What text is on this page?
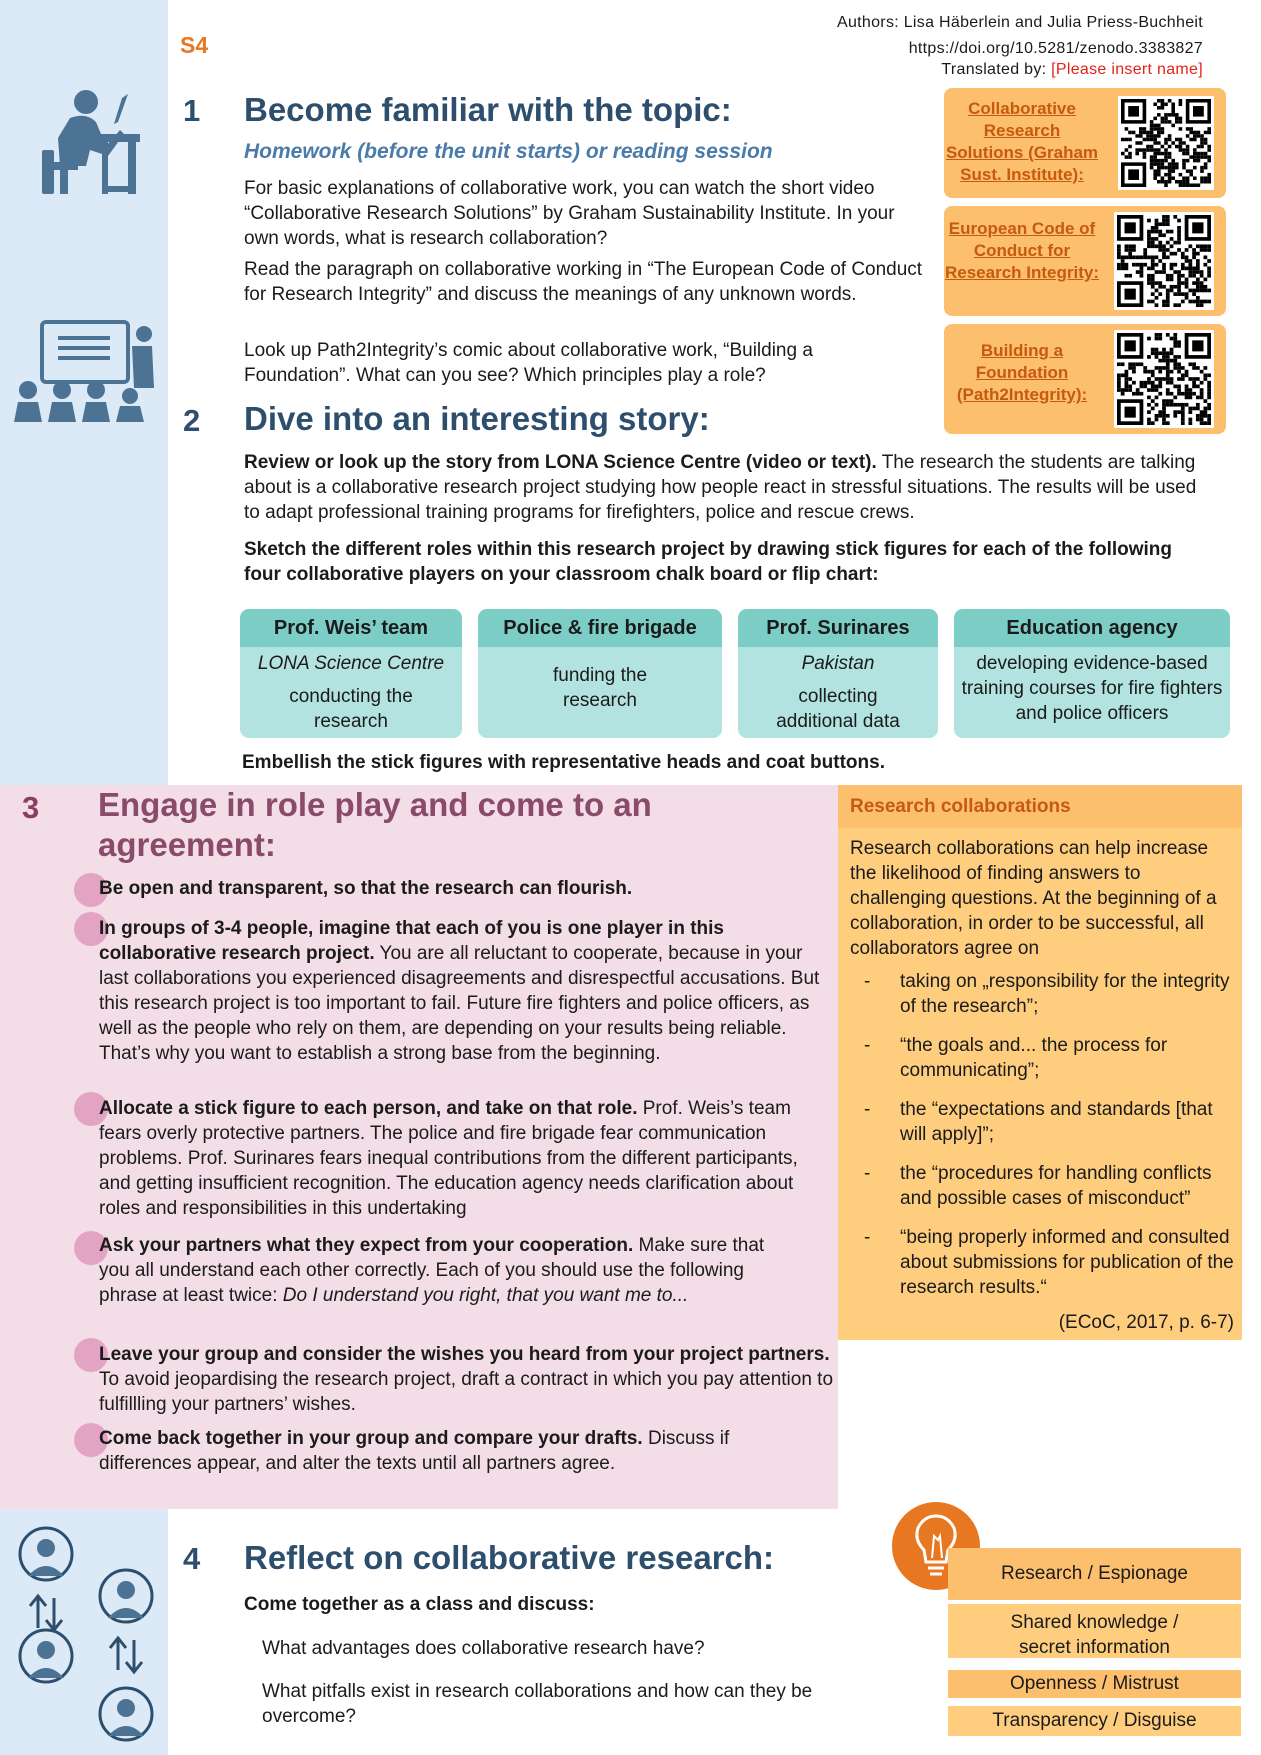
S4
Authors: Lisa Häberlein and Julia Priess-Buchheit
https://doi.org/10.5281/zenodo.3383827
Translated by: [Please insert name]
1 Become familiar with the topic:
Homework (before the unit starts) or reading session
For basic explanations of collaborative work, you can watch the short video “Collaborative Research Solutions” by Graham Sustainability Institute. In your own words, what is research collaboration?
Read the paragraph on collaborative working in “The European Code of Conduct for Research Integrity” and discuss the meanings of any unknown words.
Look up Path2Integrity’s comic about collaborative work, “Building a Foundation”. What can you see? Which principles play a role?
Collaborative Research Solutions (Graham Sust. Institute):
European Code of Conduct for Research Integrity:
Building a Foundation (Path2Integrity):
2 Dive into an interesting story:
Review or look up the story from LONA Science Centre (video or text). The research the students are talking about is a collaborative research project studying how people react in stressful situations. The results will be used to adapt professional training programs for firefighters, police and rescue crews.
Sketch the different roles within this research project by drawing stick figures for each of the following four collaborative players on your classroom chalk board or flip chart:
Prof. Weis’ team
LONA Science Centre
conducting the research
Police & fire brigade
funding the research
Prof. Surinares
Pakistan
collecting additional data
Education agency
developing evidence-based training courses for fire fighters and police officers
Embellish the stick figures with representative heads and coat buttons.
3 Engage in role play and come to an agreement:
Be open and transparent, so that the research can flourish.
In groups of 3-4 people, imagine that each of you is one player in this collaborative research project. You are all reluctant to cooperate, because in your last collaborations you experienced disagreements and disrespectful accusations. But this research project is too important to fail. Future fire fighters and police officers, as well as the people who rely on them, are depending on your results being reliable. That’s why you want to establish a strong base from the beginning.
Allocate a stick figure to each person, and take on that role. Prof. Weis’s team fears overly protective partners. The police and fire brigade fear communication problems. Prof. Surinares fears inequal contributions from the different participants, and getting insufficient recognition. The education agency needs clarification about roles and responsibilities in this undertaking
Ask your partners what they expect from your cooperation. Make sure that you all understand each other correctly. Each of you should use the following phrase at least twice: Do I understand you right, that you want me to...
Leave your group and consider the wishes you heard from your project partners. To avoid jeopardising the research project, draft a contract in which you pay attention to fulfillling your partners’ wishes.
Come back together in your group and compare your drafts. Discuss if differences appear, and alter the texts until all partners agree.
Research collaborations
Research collaborations can help increase the likelihood of finding answers to challenging questions. At the beginning of a collaboration, in order to be successful, all collaborators agree on
- taking on „responsibility for the integrity of the research”;
- “the goals and... the process for communicating”;
- the “expectations and standards [that will apply]”;
- the “procedures for handling conflicts and possible cases of misconduct”
- “being properly informed and consulted about submissions for publication of the research results.“
(ECoC, 2017, p. 6-7)
4 Reflect on collaborative research:
Come together as a class and discuss:
What advantages does collaborative research have?
What pitfalls exist in research collaborations and how can they be overcome?
Research / Espionage
Shared knowledge / secret information
Openness / Mistrust
Transparency / Disguise
